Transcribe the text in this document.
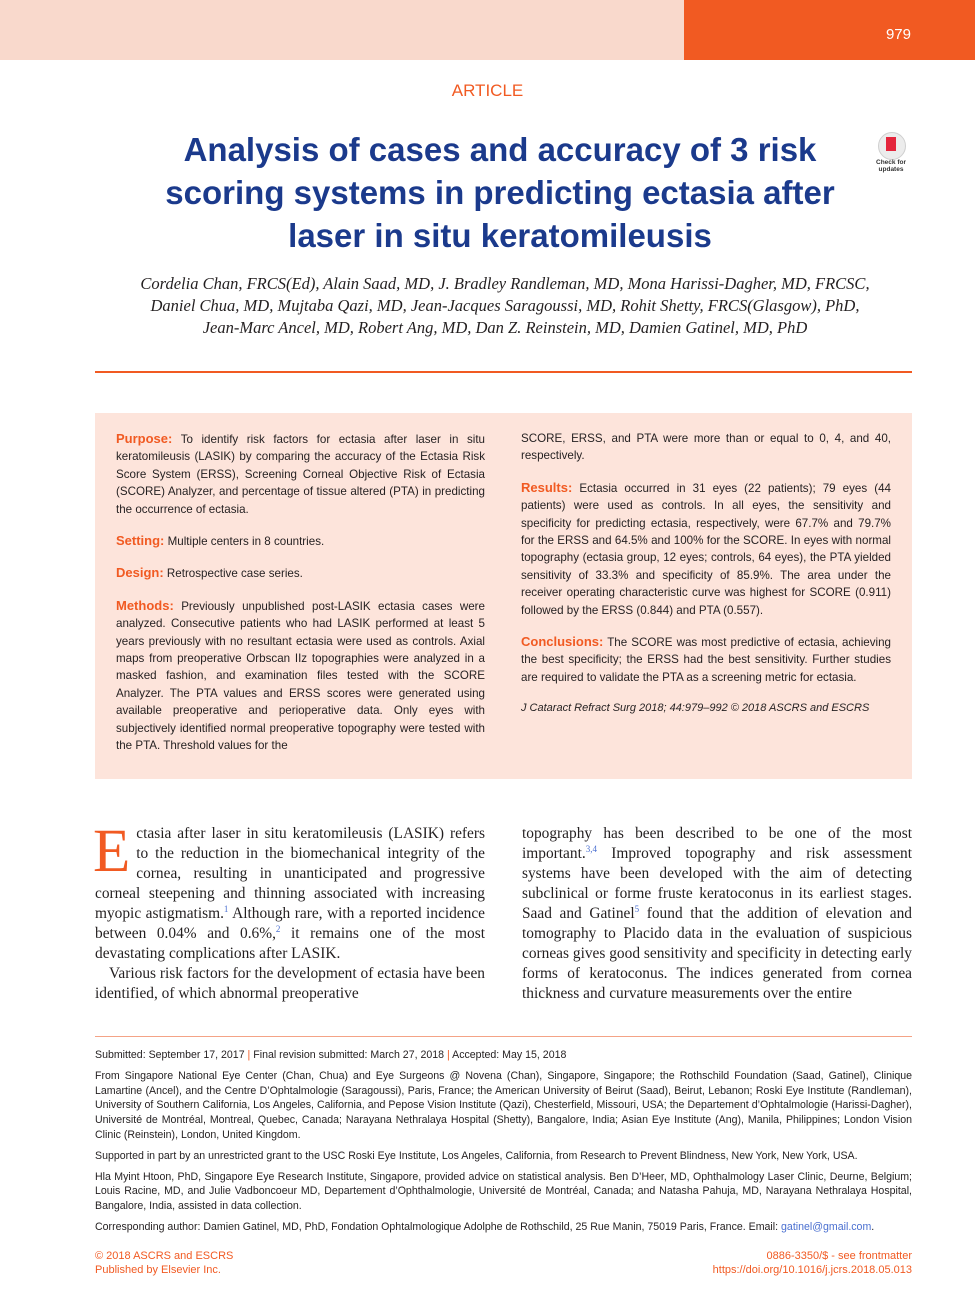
979
ARTICLE
Analysis of cases and accuracy of 3 risk scoring systems in predicting ectasia after laser in situ keratomileusis
Check for
updates
Cordelia Chan, FRCS(Ed), Alain Saad, MD, J. Bradley Randleman, MD, Mona Harissi-Dagher, MD, FRCSC,
Daniel Chua, MD, Mujtaba Qazi, MD, Jean-Jacques Saragoussi, MD, Rohit Shetty, FRCS(Glasgow), PhD,
Jean-Marc Ancel, MD, Robert Ang, MD, Dan Z. Reinstein, MD, Damien Gatinel, MD, PhD

Purpose: To identify risk factors for ectasia after laser in situ keratomileusis (LASIK) by comparing the accuracy of the Ectasia Risk Score System (ERSS), Screening Corneal Objective Risk of Ectasia (SCORE) Analyzer, and percentage of tissue altered (PTA) in predicting the occurrence of ectasia.

Setting: Multiple centers in 8 countries.

Design: Retrospective case series.

Methods: Previously unpublished post-LASIK ectasia cases were analyzed. Consecutive patients who had LASIK performed at least 5 years previously with no resultant ectasia were used as controls. Axial maps from preoperative Orbscan IIz topographies were analyzed in a masked fashion, and examination files tested with the SCORE Analyzer. The PTA values and ERSS scores were generated using available preoperative and perioperative data. Only eyes with subjectively identified normal preoperative topography were tested with the PTA. Threshold values for the

SCORE, ERSS, and PTA were more than or equal to 0, 4, and 40, respectively.

Results: Ectasia occurred in 31 eyes (22 patients); 79 eyes (44 patients) were used as controls. In all eyes, the sensitivity and specificity for predicting ectasia, respectively, were 67.7% and 79.7% for the ERSS and 64.5% and 100% for the SCORE. In eyes with normal topography (ectasia group, 12 eyes; controls, 64 eyes), the PTA yielded sensitivity of 33.3% and specificity of 85.9%. The area under the receiver operating characteristic curve was highest for SCORE (0.911) followed by the ERSS (0.844) and PTA (0.557).

Conclusions: The SCORE was most predictive of ectasia, achieving the best specificity; the ERSS had the best sensitivity. Further studies are required to validate the PTA as a screening metric for ectasia.

J Cataract Refract Surg 2018; 44:979–992 © 2018 ASCRS and ESCRS

Ectasia after laser in situ keratomileusis (LASIK) refers to the reduction in the biomechanical integrity of the cornea, resulting in unanticipated and progressive corneal steepening and thinning associated with increasing myopic astigmatism.$^1$ Although rare, with a reported incidence between 0.04% and 0.6%,$^2$ it remains one of the most devastating complications after LASIK.

Various risk factors for the development of ectasia have been identified, of which abnormal preoperative

topography has been described to be one of the most important.$^{3,4}$ Improved topography and risk assessment systems have been developed with the aim of detecting subclinical or forme fruste keratoconus in its earliest stages. Saad and Gatinel$^5$ found that the addition of elevation and tomography to Placido data in the evaluation of suspicious corneas gives good sensitivity and specificity in detecting early forms of keratoconus. The indices generated from cornea thickness and curvature measurements over the entire

Submitted: September 17, 2017 | Final revision submitted: March 27, 2018 | Accepted: May 15, 2018

From Singapore National Eye Center (Chan, Chua) and Eye Surgeons @ Novena (Chan), Singapore, Singapore; the Rothschild Foundation (Saad, Gatinel), Clinique Lamartine (Ancel), and the Centre D’Ophtalmologie (Saragoussi), Paris, France; the American University of Beirut (Saad), Beirut, Lebanon; Roski Eye Institute (Randleman), University of Southern California, Los Angeles, California, and Pepose Vision Institute (Qazi), Chesterfield, Missouri, USA; the Departement d’Ophtalmologie (Harissi-Dagher), Université de Montréal, Montreal, Quebec, Canada; Narayana Nethralaya Hospital (Shetty), Bangalore, India; Asian Eye Institute (Ang), Manila, Philippines; London Vision Clinic (Reinstein), London, United Kingdom.

Supported in part by an unrestricted grant to the USC Roski Eye Institute, Los Angeles, California, from Research to Prevent Blindness, New York, New York, USA.

Hla Myint Htoon, PhD, Singapore Eye Research Institute, Singapore, provided advice on statistical analysis. Ben D’Heer, MD, Ophthalmology Laser Clinic, Deurne, Belgium; Louis Racine, MD, and Julie Vadboncoeur MD, Departement d’Ophthalmologie, Université de Montréal, Canada; and Natasha Pahuja, MD, Narayana Nethralaya Hospital, Bangalore, India, assisted in data collection.

Corresponding author: Damien Gatinel, MD, PhD, Fondation Ophtalmologique Adolphe de Rothschild, 25 Rue Manin, 75019 Paris, France. Email: gatinel@gmail.com.

© 2018 ASCRS and ESCRS
Published by Elsevier Inc.
0886-3350/$ - see frontmatter
https://doi.org/10.1016/j.jcrs.2018.05.013
